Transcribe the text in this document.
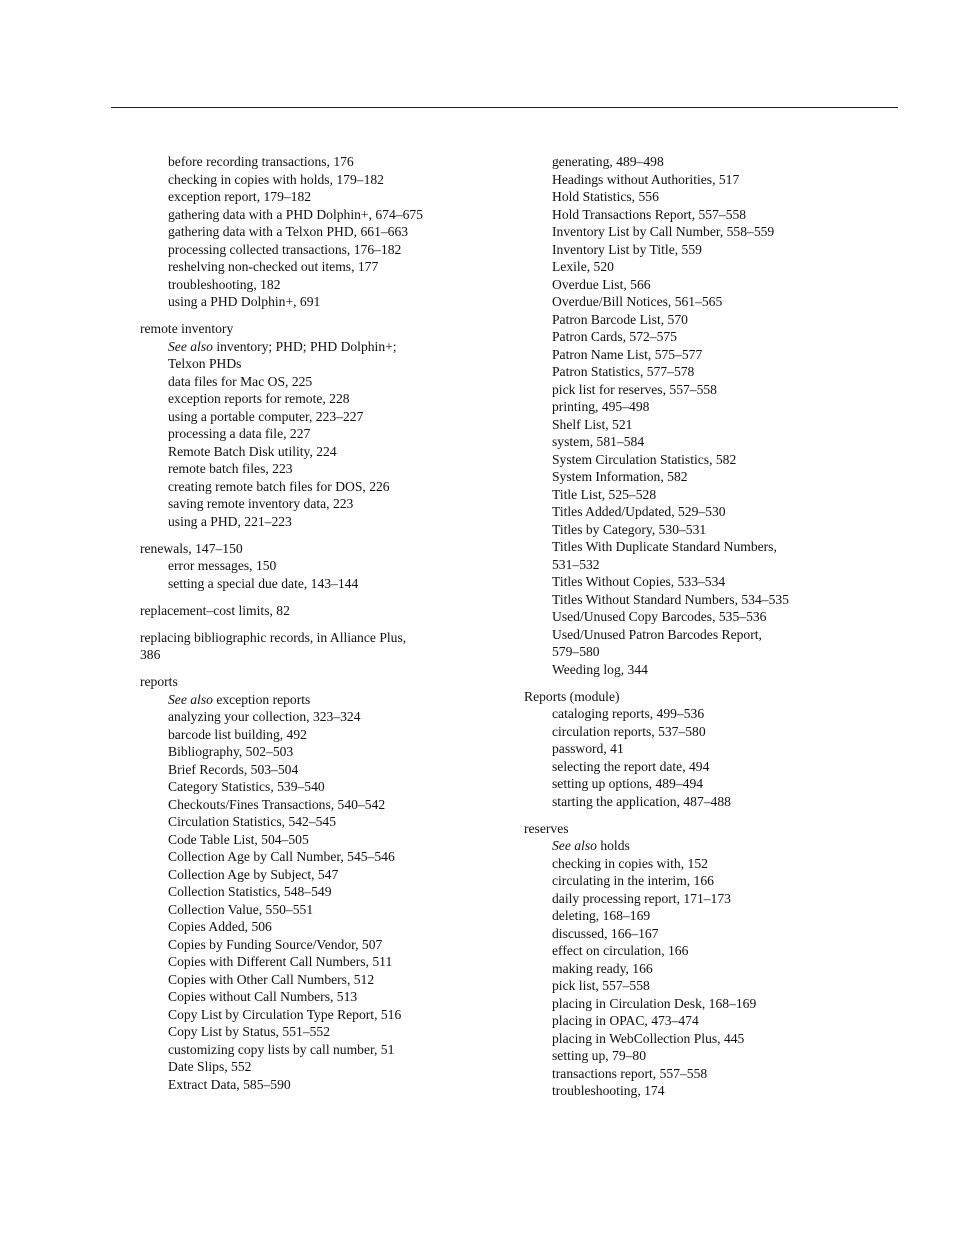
before recording transactions, 176
checking in copies with holds, 179–182
exception report, 179–182
gathering data with a PHD Dolphin+, 674–675
gathering data with a Telxon PHD, 661–663
processing collected transactions, 176–182
reshelving non-checked out items, 177
troubleshooting, 182
using a PHD Dolphin+, 691
remote inventory
See also inventory; PHD; PHD Dolphin+;
Telxon PHDs
data files for Mac OS, 225
exception reports for remote, 228
using a portable computer, 223–227
processing a data file, 227
Remote Batch Disk utility, 224
remote batch files, 223
creating remote batch files for DOS, 226
saving remote inventory data, 223
using a PHD, 221–223
renewals, 147–150
error messages, 150
setting a special due date, 143–144
replacement–cost limits, 82
replacing bibliographic records, in Alliance Plus,
386
reports
See also exception reports
analyzing your collection, 323–324
barcode list building, 492
Bibliography, 502–503
Brief Records, 503–504
Category Statistics, 539–540
Checkouts/Fines Transactions, 540–542
Circulation Statistics, 542–545
Code Table List, 504–505
Collection Age by Call Number, 545–546
Collection Age by Subject, 547
Collection Statistics, 548–549
Collection Value, 550–551
Copies Added, 506
Copies by Funding Source/Vendor, 507
Copies with Different Call Numbers, 511
Copies with Other Call Numbers, 512
Copies without Call Numbers, 513
Copy List by Circulation Type Report, 516
Copy List by Status, 551–552
customizing copy lists by call number, 51
Date Slips, 552
Extract Data, 585–590
generating, 489–498
Headings without Authorities, 517
Hold Statistics, 556
Hold Transactions Report, 557–558
Inventory List by Call Number, 558–559
Inventory List by Title, 559
Lexile, 520
Overdue List, 566
Overdue/Bill Notices, 561–565
Patron Barcode List, 570
Patron Cards, 572–575
Patron Name List, 575–577
Patron Statistics, 577–578
pick list for reserves, 557–558
printing, 495–498
Shelf List, 521
system, 581–584
System Circulation Statistics, 582
System Information, 582
Title List, 525–528
Titles Added/Updated, 529–530
Titles by Category, 530–531
Titles With Duplicate Standard Numbers,
531–532
Titles Without Copies, 533–534
Titles Without Standard Numbers, 534–535
Used/Unused Copy Barcodes, 535–536
Used/Unused Patron Barcodes Report,
579–580
Weeding log, 344
Reports (module)
cataloging reports, 499–536
circulation reports, 537–580
password, 41
selecting the report date, 494
setting up options, 489–494
starting the application, 487–488
reserves
See also holds
checking in copies with, 152
circulating in the interim, 166
daily processing report, 171–173
deleting, 168–169
discussed, 166–167
effect on circulation, 166
making ready, 166
pick list, 557–558
placing in Circulation Desk, 168–169
placing in OPAC, 473–474
placing in WebCollection Plus, 445
setting up, 79–80
transactions report, 557–558
troubleshooting, 174
